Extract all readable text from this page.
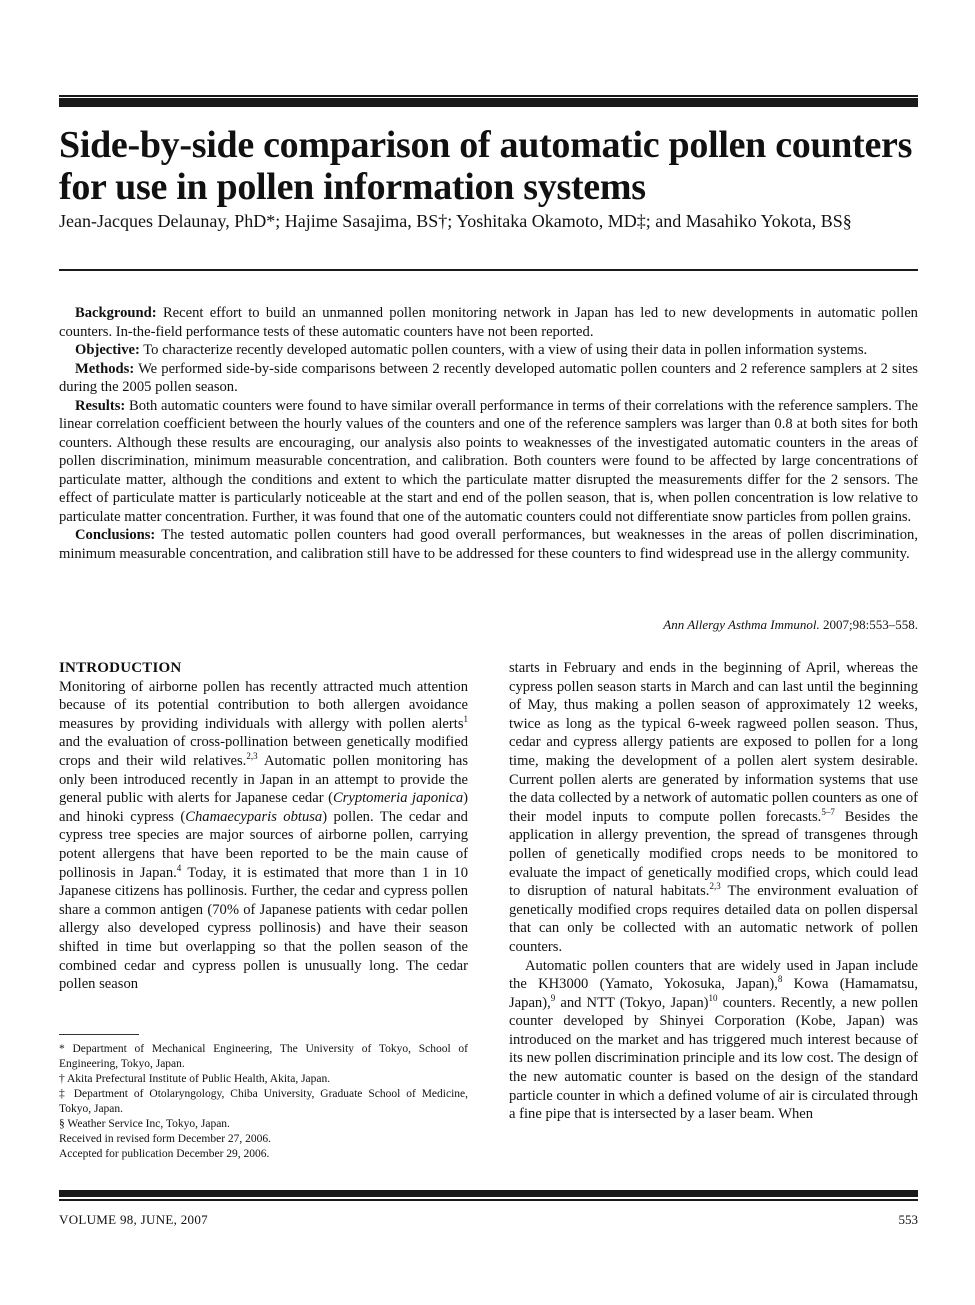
Side-by-side comparison of automatic pollen counters for use in pollen information systems
Jean-Jacques Delaunay, PhD*; Hajime Sasajima, BS†; Yoshitaka Okamoto, MD‡; and Masahiko Yokota, BS§

Background: Recent effort to build an unmanned pollen monitoring network in Japan has led to new developments in automatic pollen counters. In-the-field performance tests of these automatic counters have not been reported.

Objective: To characterize recently developed automatic pollen counters, with a view of using their data in pollen information systems.

Methods: We performed side-by-side comparisons between 2 recently developed automatic pollen counters and 2 reference samplers at 2 sites during the 2005 pollen season.

Results: Both automatic counters were found to have similar overall performance in terms of their correlations with the reference samplers. The linear correlation coefficient between the hourly values of the counters and one of the reference samplers was larger than 0.8 at both sites for both counters. Although these results are encouraging, our analysis also points to weaknesses of the investigated automatic counters in the areas of pollen discrimination, minimum measurable concentration, and calibration. Both counters were found to be affected by large concentrations of particulate matter, although the conditions and extent to which the particulate matter disrupted the measurements differ for the 2 sensors. The effect of particulate matter is particularly noticeable at the start and end of the pollen season, that is, when pollen concentration is low relative to particulate matter concentration. Further, it was found that one of the automatic counters could not differentiate snow particles from pollen grains.

Conclusions: The tested automatic pollen counters had good overall performances, but weaknesses in the areas of pollen discrimination, minimum measurable concentration, and calibration still have to be addressed for these counters to find widespread use in the allergy community.

Ann Allergy Asthma Immunol. 2007;98:553–558.

INTRODUCTION

Monitoring of airborne pollen has recently attracted much attention because of its potential contribution to both allergen avoidance measures by providing individuals with allergy with pollen alerts$^1$ and the evaluation of cross-pollination between genetically modified crops and their wild relatives.$^{2,3}$ Automatic pollen monitoring has only been introduced recently in Japan in an attempt to provide the general public with alerts for Japanese cedar (Cryptomeria japonica) and hinoki cypress (Chamaecyparis obtusa) pollen. The cedar and cypress tree species are major sources of airborne pollen, carrying potent allergens that have been reported to be the main cause of pollinosis in Japan.$^4$ Today, it is estimated that more than 1 in 10 Japanese citizens has pollinosis. Further, the cedar and cypress pollen share a common antigen (70% of Japanese patients with cedar pollen allergy also developed cypress pollinosis) and have their season shifted in time but overlapping so that the pollen season of the combined cedar and cypress pollen is unusually long. The cedar pollen season

* Department of Mechanical Engineering, The University of Tokyo, School of Engineering, Tokyo, Japan.

† Akita Prefectural Institute of Public Health, Akita, Japan.

‡ Department of Otolaryngology, Chiba University, Graduate School of Medicine, Tokyo, Japan.

§ Weather Service Inc, Tokyo, Japan.

Received in revised form December 27, 2006.

Accepted for publication December 29, 2006.

starts in February and ends in the beginning of April, whereas the cypress pollen season starts in March and can last until the beginning of May, thus making a pollen season of approximately 12 weeks, twice as long as the typical 6-week ragweed pollen season. Thus, cedar and cypress allergy patients are exposed to pollen for a long time, making the development of a pollen alert system desirable. Current pollen alerts are generated by information systems that use the data collected by a network of automatic pollen counters as one of their model inputs to compute pollen forecasts.$^{5-7}$ Besides the application in allergy prevention, the spread of transgenes through pollen of genetically modified crops needs to be monitored to evaluate the impact of genetically modified crops, which could lead to disruption of natural habitats.$^{2,3}$ The environment evaluation of genetically modified crops requires detailed data on pollen dispersal that can only be collected with an automatic network of pollen counters.

Automatic pollen counters that are widely used in Japan include the KH3000 (Yamato, Yokosuka, Japan),$^8$ Kowa (Hamamatsu, Japan),$^9$ and NTT (Tokyo, Japan)$^{10}$ counters. Recently, a new pollen counter developed by Shinyei Corporation (Kobe, Japan) was introduced on the market and has triggered much interest because of its new pollen discrimination principle and its low cost. The design of the new automatic counter is based on the design of the standard particle counter in which a defined volume of air is circulated through a fine pipe that is intersected by a laser beam. When

VOLUME 98, JUNE, 2007	553
